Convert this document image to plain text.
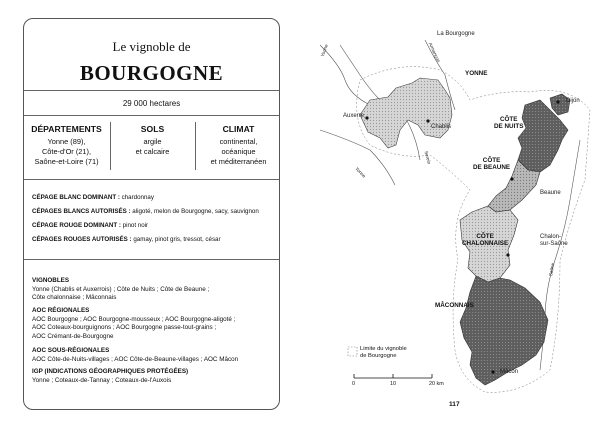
Le vignoble de
BOURGOGNE
29 000 hectares
DÉPARTEMENTS
Yonne (89),
Côte-d'Or (21),
Saône-et-Loire (71)
SOLS
argile
et calcaire
CLIMAT
continental,
océanique
et méditerranéen
CÉPAGE BLANC DOMINANT : chardonnay
CÉPAGES BLANCS AUTORISÉS : aligoté, melon de Bourgogne, sacy, sauvignon
CÉPAGE ROUGE DOMINANT : pinot noir
CÉPAGES ROUGES AUTORISÉS : gamay, pinot gris, tressot, césar
VIGNOBLES
Yonne (Chablis et Auxerrois) ; Côte de Nuits ; Côte de Beaune ;
Côte chalonnaise ; Mâconnais
AOC RÉGIONALES
AOC Bourgogne ; AOC Bourgogne-mousseux ; AOC Bourgogne-aligoté ;
AOC Coteaux-bourguignons ; AOC Bourgogne passe-tout-grains ;
AOC Crémant-de-Bourgogne
AOC SOUS-RÉGIONALES
AOC Côte-de-Nuits-villages ; AOC Côte-de-Beaune-villages ; AOC Mâcon
IGP (INDICATIONS GÉOGRAPHIQUES PROTÉGÉES)
Yonne ; Coteaux-de-Tannay ; Coteaux-de-l'Auxois
La Bourgogne
YONNE
CÔTE
DE NUITS
CÔTE
DE BEAUNE
CÔTE
CHALONNAISE
MÂCONNAIS
Auxerre
Chablis
Dijon
Beaune
Chalon-
sur-Saône
Mâcon
Yonne	Armançon
Serein
Yonne
Saône
Limite du vignoble
de Bourgogne
0	10	20 km
117
